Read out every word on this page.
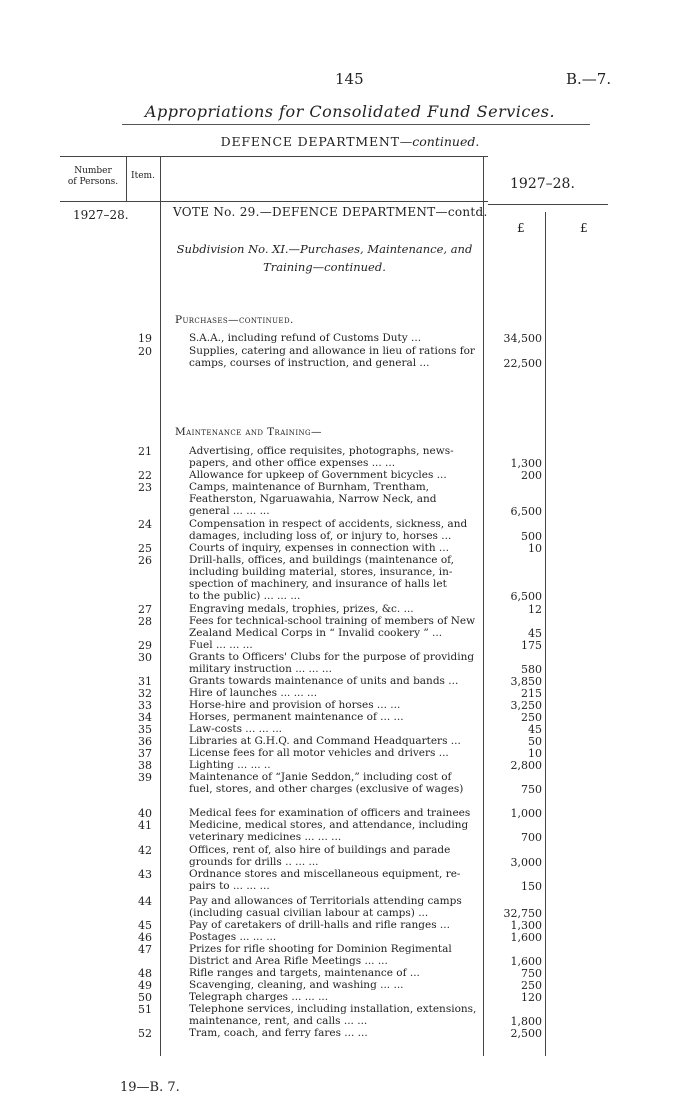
145	B.—7.
Appropriations for Consolidated Fund Services.
DEFENCE DEPARTMENT—continued.
Number
of Persons.
Item.	1927–28.
1927–28.
£	£
VOTE No. 29.—DEFENCE DEPARTMENT—contd.
Subdivision No. XI.—Purchases, Maintenance, and
Training—continued.
Purchases—continued.
Maintenance and Training—
19	S.A.A., including refund of Customs Duty ...	34,500
20	Supplies, catering and allowance in lieu of rations for
camps, courses of instruction, and general ...	22,500
21	Advertising, office requisites, photographs, news-
papers, and other office expenses ... ...	1,300
22	Allowance for upkeep of Government bicycles ...	200
23	Camps, maintenance of Burnham, Trentham,
Featherston, Ngaruawahia, Narrow Neck, and
general ... ... ...	6,500
24	Compensation in respect of accidents, sickness, and
damages, including loss of, or injury to, horses ...	500
25	Courts of inquiry, expenses in connection with ...	10
26	Drill-halls, offices, and buildings (maintenance of,
including building material, stores, insurance, in-
spection of machinery, and insurance of halls let
to the public) ... ... ...	6,500
27	Engraving medals, trophies, prizes, &c. ...	12
28	Fees for technical-school training of members of New
Zealand Medical Corps in “ Invalid cookery ” ...	45
29	Fuel ... ... ...	175
30	Grants to Officers' Clubs for the purpose of providing
military instruction ... ... ...	580
31	Grants towards maintenance of units and bands ...	3,850
32	Hire of launches ... ... ...	215
33	Horse-hire and provision of horses ... ...	3,250
34	Horses, permanent maintenance of ... ...	250
35	Law-costs ... ... ...	45
36	Libraries at G.H.Q. and Command Headquarters ...	50
37	License fees for all motor vehicles and drivers ...	10
38	Lighting ... ... ..	2,800
39	Maintenance of “Janie Seddon,” including cost of
fuel, stores, and other charges (exclusive of wages)	750
40	Medical fees for examination of officers and trainees	1,000
41	Medicine, medical stores, and attendance, including
veterinary medicines ... ... ...	700
42	Offices, rent of, also hire of buildings and parade
grounds for drills .. ... ...	3,000
43	Ordnance stores and miscellaneous equipment, re-
pairs to ... ... ...	150
44	Pay and allowances of Territorials attending camps
(including casual civilian labour at camps) ...	32,750
45	Pay of caretakers of drill-halls and rifle ranges ...	1,300
46	Postages ... ... ...	1,600
47	Prizes for rifle shooting for Dominion Regimental
District and Area Rifle Meetings ... ...	1,600
48	Rifle ranges and targets, maintenance of ...	750
49	Scavenging, cleaning, and washing ... ...	250
50	Telegraph charges ... ... ...	120
51	Telephone services, including installation, extensions,
maintenance, rent, and calls ... ...	1,800
52	Tram, coach, and ferry fares ... ...	2,500
19—B. 7.
